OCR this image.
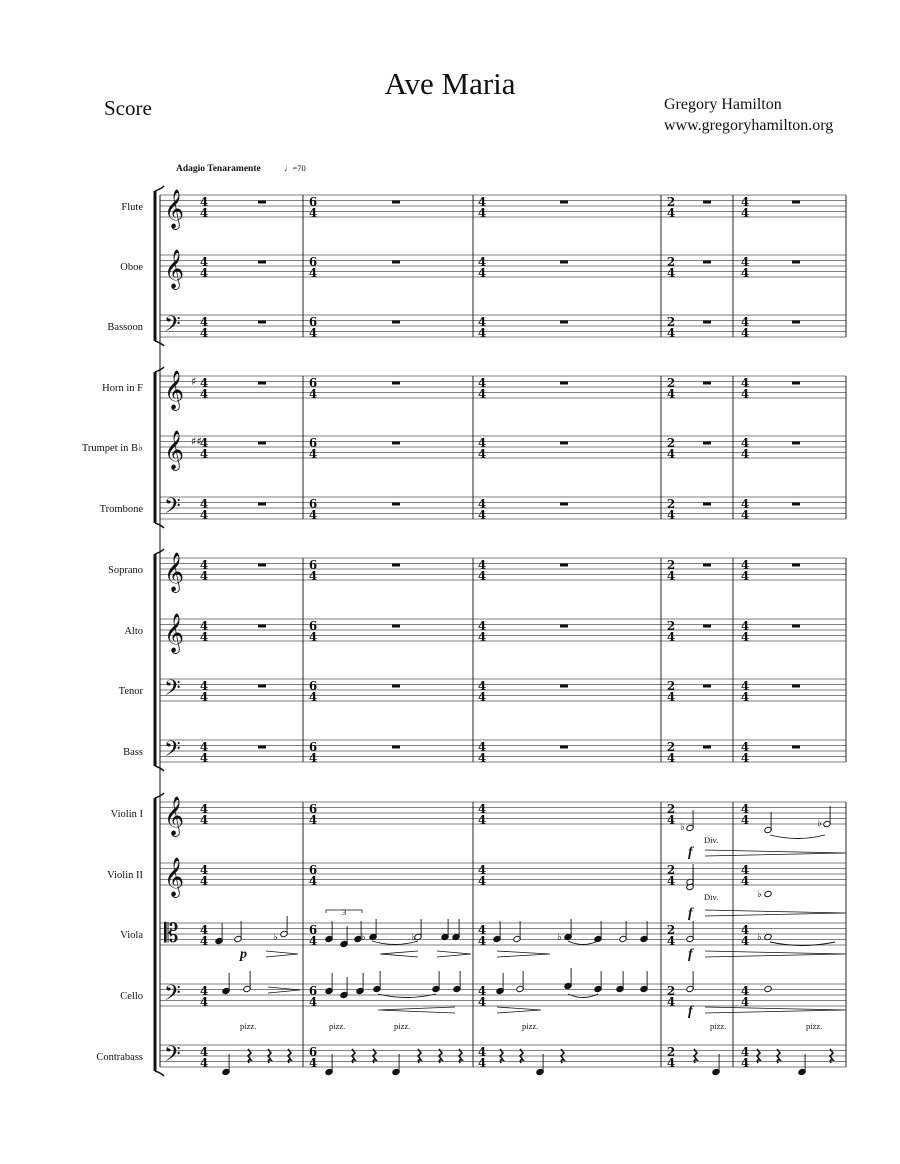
Ave Maria
Score	Gregory Hamilton
www.gregoryhamilton.org
Adagio Tenaramente	♩=70
𝄞 4
4
6
4
4
4
2
4
4
4
𝄞 4
4
6
4
4
4
2
4
4
4
𝄢 4
4
6
4
4
4
2
4
4
4
𝄞 ♯ 4
4
6
4
4
4
2
4
4
4
𝄞 ♯♯
4
4
6
4
4
4
2
4
4
4
𝄢 4
4
6
4
4
4
2
4
4
4
𝄞 4
4
6
4
4
4
2
4
4
4
𝄞 4
4
6
4
4
4
2
4
4
4
𝄢 4
4
6
4
4
4
2
4
4
4
𝄢 4
4
6
4
4
4
2
4
4
4
𝄞 4
4
6
4
4
4
2
4
4
4
𝄞 4
4
6
4
4
4
2
4
4
4
𝄡 4
4
6
4
4
4
2
4
4
4
𝄢 4
4
6
4
4
4
2
4
4
4
𝄢 4
4
6
4
4
4
2
4
4
4
Flute
Oboe
Bassoon
Horn in F
Trumpet in B♭
Trombone
Soprano
Alto
Tenor
Bass
Violin I
Violin II
Viola
Cello
Contrabass
♭	♭	♭	♭	♭	♭
p	f
3
f
pizz.	pizz.	pizz.	pizz.	pizz.	pizz.
♭	♭
Div.
f
♭
Div.
f
